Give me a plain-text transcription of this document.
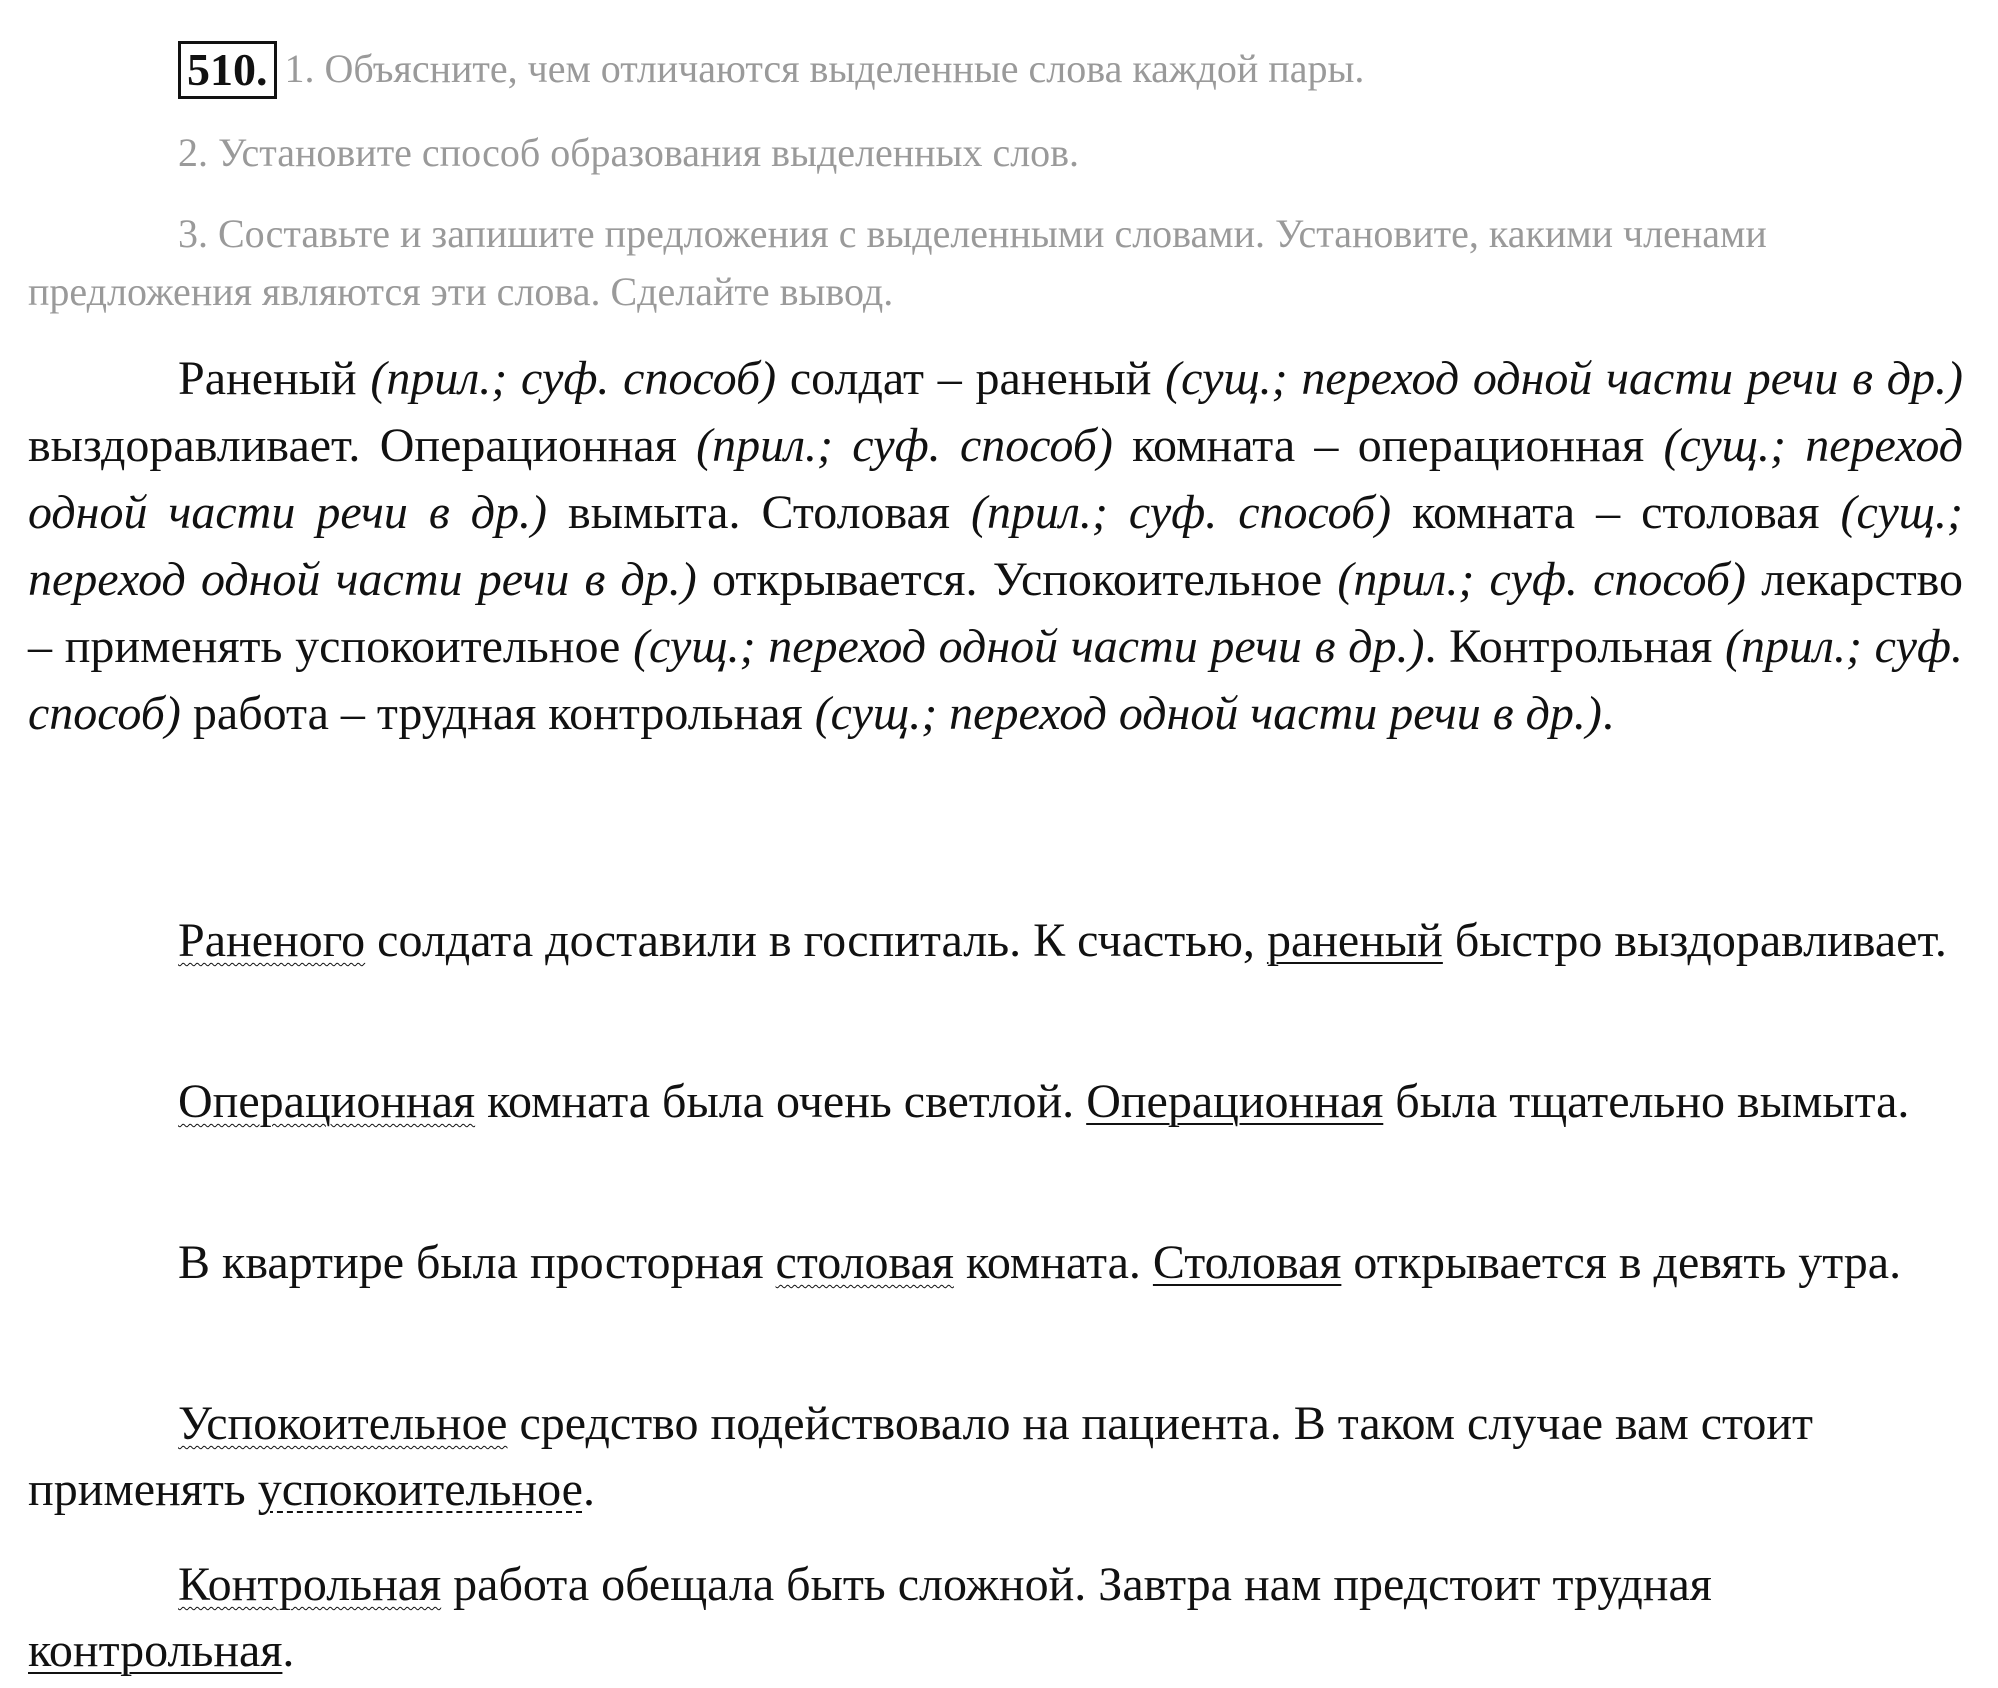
510. 1. Объясните, чем отличаются выделенные слова каждой пары.
2. Установите способ образования выделенных слов.
3. Составьте и запишите предложения с выделенными словами. Установите, какими членами предложения являются эти слова. Сделайте вывод.
Раненый (прил.; суф. способ) солдат – раненый (сущ.; переход одной части речи в др.) выздоравливает. Операционная (прил.; суф. способ) комната – операционная (сущ.; переход одной части речи в др.) вымыта. Столовая (прил.; суф. способ) комната – столовая (сущ.; переход одной части речи в др.) открывается. Успокоительное (прил.; суф. способ) лекарство – применять успокоительное (сущ.; переход одной части речи в др.). Контрольная (прил.; суф. способ) работа – трудная контрольная (сущ.; переход одной части речи в др.).
Раненого солдата доставили в госпиталь. К счастью, раненый быстро выздоравливает.
Операционная комната была очень светлой. Операционная была тщательно вымыта.
В квартире была просторная столовая комната. Столовая открывается в девять утра.
Успокоительное средство подействовало на пациента. В таком случае вам стоит применять успокоительное.
Контрольная работа обещала быть сложной. Завтра нам предстоит трудная контрольная.
